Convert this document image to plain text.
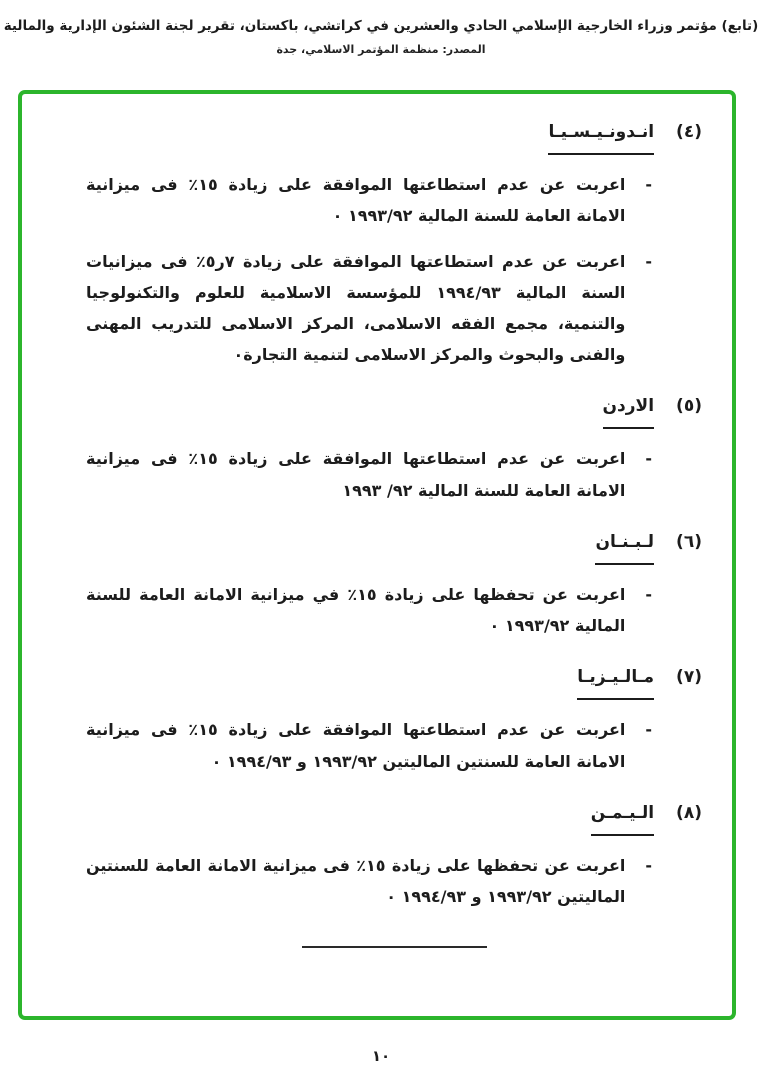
(تابع) مؤتمر وزراء الخارجية الإسلامي الحادي والعشرين في كراتشي، باكستان، تقرير لجنة الشئون الإدارية والمالية
المصدر: منظمة المؤتمر الاسلامي، جدة
(٤)
انـدونـيـسـيـا
-

اعربت عن عدم استطاعتها الموافقة على زيادة ١٥٪ فى ميزانية الامانة العامة للسنة المالية ١٩٩٣/٩٢ ٠

-

اعربت عن عدم استطاعتها الموافقة على زيادة ٧ر٥٪ فى ميزانيات السنة المالية ١٩٩٤/٩٣ للمؤسسة الاسلامية للعلوم والتكنولوجيا والتنمية، مجمع الفقه الاسلامى، المركز الاسلامى للتدريب المهنى والفنى والبحوث والمركز الاسلامى لتنمية التجارة٠

(٥)
الاردن
-

اعربت عن عدم استطاعتها الموافقة على زيادة ١٥٪ فى ميزانية الامانة العامة للسنة المالية ٩٢/ ١٩٩٣

(٦)
لـبـنـان
-

اعربت عن تحفظها على زيادة ١٥٪ في ميزانية الامانة العامة للسنة المالية ١٩٩٣/٩٢ ٠

(٧)
مـالـيـزيـا
-

اعربت عن عدم استطاعتها الموافقة على زيادة ١٥٪ فى ميزانية الامانة العامة للسنتين الماليتين ١٩٩٣/٩٢ و ١٩٩٤/٩٣ ٠

(٨)
الـيـمـن
-

اعربت عن تحفظها على زيادة ١٥٪ فى ميزانية الامانة العامة للسنتين الماليتين ١٩٩٣/٩٢ و ١٩٩٤/٩٣ ٠

١٠
